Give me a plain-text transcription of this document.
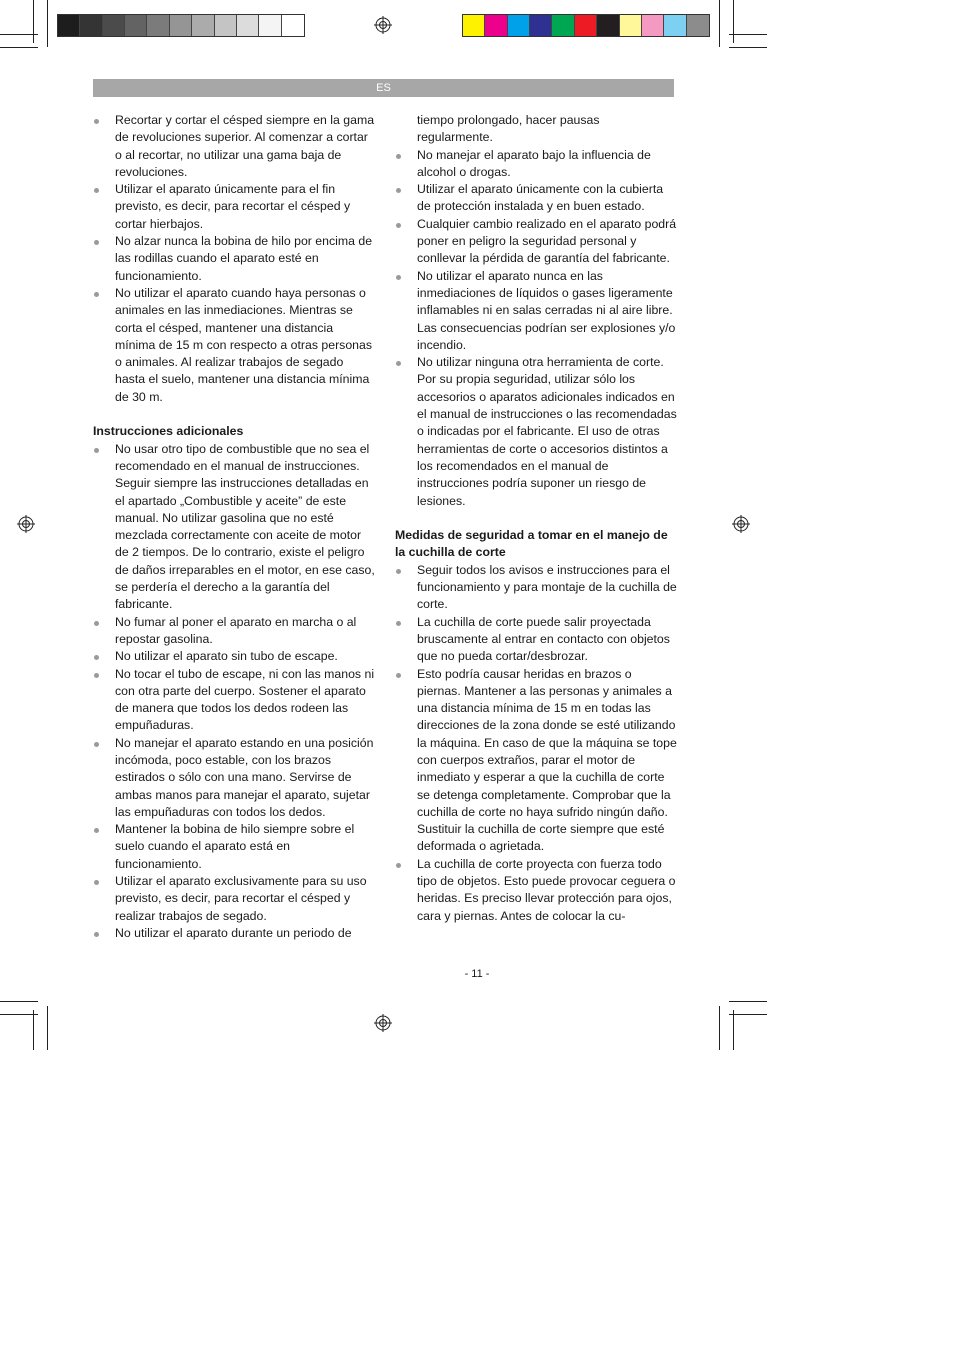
ES
Recortar y cortar el césped siempre en la gama de revoluciones superior. Al comenzar a cortar o al recortar, no utilizar una gama baja de revoluciones.
Utilizar el aparato únicamente para el fin previsto, es decir, para recortar el césped y cortar hierbajos.
No alzar nunca la bobina de hilo por encima de las rodillas cuando el aparato esté en funcionamiento.
No utilizar el aparato cuando haya personas o animales en las inmediaciones. Mientras se corta el césped, mantener una distancia mínima de 15 m con respecto a otras personas o animales. Al realizar trabajos de segado hasta el suelo, mantener una distancia mínima de 30 m.
Instrucciones adicionales
No usar otro tipo de combustible que no sea el recomendado en el manual de instrucciones. Seguir siempre las instrucciones detalladas en el apartado „Combustible y aceite” de este manual. No utilizar gasolina que no esté mezclada correctamente con aceite de motor de 2 tiempos. De lo contrario, existe el peligro de daños irreparables en el motor, en ese caso, se perdería el derecho a la garantía del fabricante.
No fumar al poner el aparato en marcha o al repostar gasolina.
No utilizar el aparato sin tubo de escape.
No tocar el tubo de escape, ni con las manos ni con otra parte del cuerpo. Sostener el aparato de manera que todos los dedos rodeen las empuñaduras.
No manejar el aparato estando en una posición incómoda, poco estable, con los brazos estirados o sólo con una mano. Servirse de ambas manos para manejar el aparato, sujetar las empuñaduras con todos los dedos.
Mantener la bobina de hilo siempre sobre el suelo cuando el aparato está en funcionamiento.
Utilizar el aparato exclusivamente para su uso previsto, es decir, para recortar el césped y realizar trabajos de segado.
No utilizar el aparato durante un periodo de
tiempo prolongado, hacer pausas regularmente.
No manejar el aparato bajo la influencia de alcohol o drogas.
Utilizar el aparato únicamente con la cubierta de protección instalada y en buen estado.
Cualquier cambio realizado en el aparato podrá poner en peligro la seguridad personal y conllevar la pérdida de garantía del fabricante.
No utilizar el aparato nunca en las inmediaciones de líquidos o gases ligeramente inflamables ni en salas cerradas ni al aire libre. Las consecuencias podrían ser explosiones y/o incendio.
No utilizar ninguna otra herramienta de corte. Por su propia seguridad, utilizar sólo los accesorios o aparatos adicionales indicados en el manual de instrucciones o las recomendadas o indicadas por el fabricante. El uso de otras herramientas de corte o accesorios distintos a los recomendados en el manual de instrucciones podría suponer un riesgo de lesiones.
Medidas de seguridad a tomar en el manejo de la cuchilla de corte
Seguir todos los avisos e instrucciones para el funcionamiento y para montaje de la cuchilla de corte.
La cuchilla de corte puede salir proyectada bruscamente al entrar en contacto con objetos que no pueda cortar/desbrozar.
Esto podría causar heridas en brazos o piernas. Mantener a las personas y animales a una distancia mínima de 15 m en todas las direcciones de la zona donde se esté utilizando la máquina. En caso de que la máquina se tope con cuerpos extraños, parar el motor de inmediato y esperar a que la cuchilla de corte se detenga completamente. Comprobar que la cuchilla de corte no haya sufrido ningún daño. Sustituir la cuchilla de corte siempre que esté deformada o agrietada.
La cuchilla de corte proyecta con fuerza todo tipo de objetos. Esto puede provocar ceguera o heridas. Es preciso llevar protección para ojos, cara y piernas. Antes de colocar la cu-
- 11 -
